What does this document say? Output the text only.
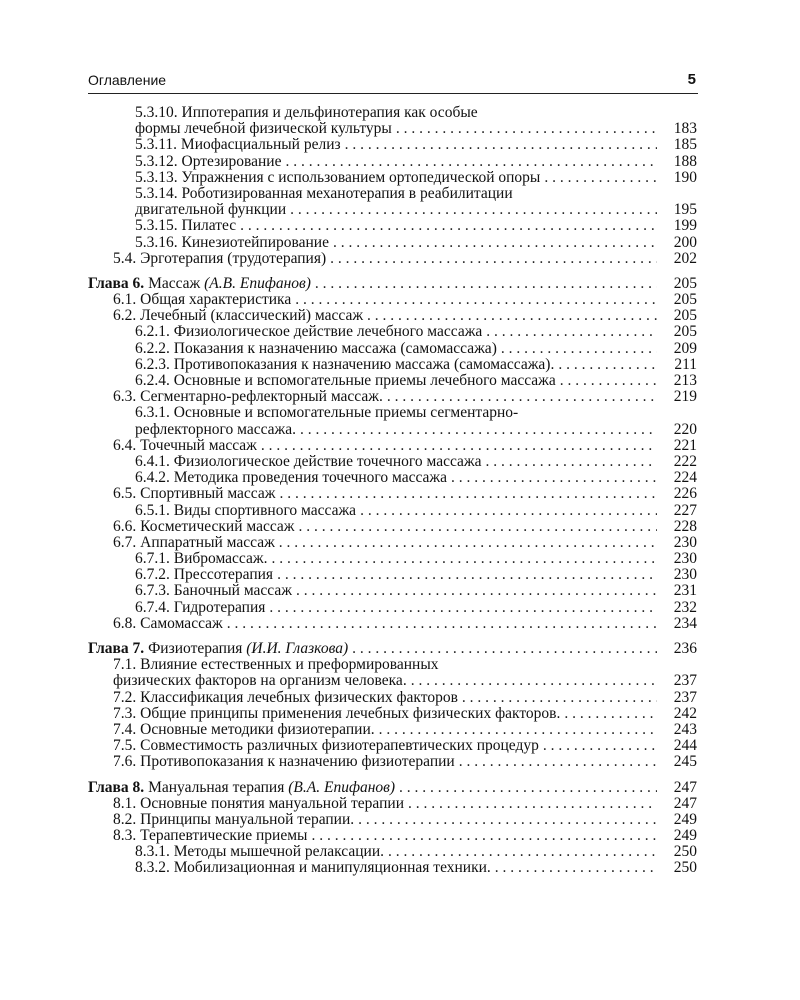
Оглавление	5
5.3.10. Иппотерапия и дельфинотерапия как особые
формы лечебной физической культуры . . .	183
5.3.11. Миофасциальный релиз . . .	185
5.3.12. Ортезирование . . .	188
5.3.13. Упражнения с использованием ортопедической опоры . . .	190
5.3.14. Роботизированная механотерапия в реабилитации
двигательной функции . . .	195
5.3.15. Пилатес . . .	199
5.3.16. Кинезиотейпирование . . .	200
5.4. Эрготерапия (трудотерапия) . . .	202
Глава 6. Массаж (А.В. Епифанов) . . .	205
6.1. Общая характеристика . . .	205
6.2. Лечебный (классический) массаж . . .	205
6.2.1. Физиологическое действие лечебного массажа . . .	205
6.2.2. Показания к назначению массажа (самомассажа) . . .	209
6.2.3. Противопоказания к назначению массажа (самомассажа). . . .	211
6.2.4. Основные и вспомогательные приемы лечебного массажа . . .	213
6.3. Сегментарно-рефлекторный массаж. . . .	219
6.3.1. Основные и вспомогательные приемы сегментарно-
рефлекторного массажа. . . .	220
6.4. Точечный массаж . . .	221
6.4.1. Физиологическое действие точечного массажа . . .	222
6.4.2. Методика проведения точечного массажа . . .	224
6.5. Спортивный массаж . . .	226
6.5.1. Виды спортивного массажа . . .	227
6.6. Косметический массаж . . .	228
6.7. Аппаратный массаж . . .	230
6.7.1. Вибромассаж. . . .	230
6.7.2. Прессотерапия . . .	230
6.7.3. Баночный массаж . . .	231
6.7.4. Гидротерапия . . .	232
6.8. Самомассаж . . .	234
Глава 7. Физиотерапия (И.И. Глазкова) . . .	236
7.1. Влияние естественных и преформированных
физических факторов на организм человека. . . .	237
7.2. Классификация лечебных физических факторов . . .	237
7.3. Общие принципы применения лечебных физических факторов. . . .	242
7.4. Основные методики физиотерапии. . . .	243
7.5. Совместимость различных физиотерапевтических процедур . . .	244
7.6. Противопоказания к назначению физиотерапии . . .	245
Глава 8. Мануальная терапия (В.А. Епифанов) . . .	247
8.1. Основные понятия мануальной терапии . . .	247
8.2. Принципы мануальной терапии. . . .	249
8.3. Терапевтические приемы . . .	249
8.3.1. Методы мышечной релаксации. . . .	250
8.3.2. Мобилизационная и манипуляционная техники. . . .	250
